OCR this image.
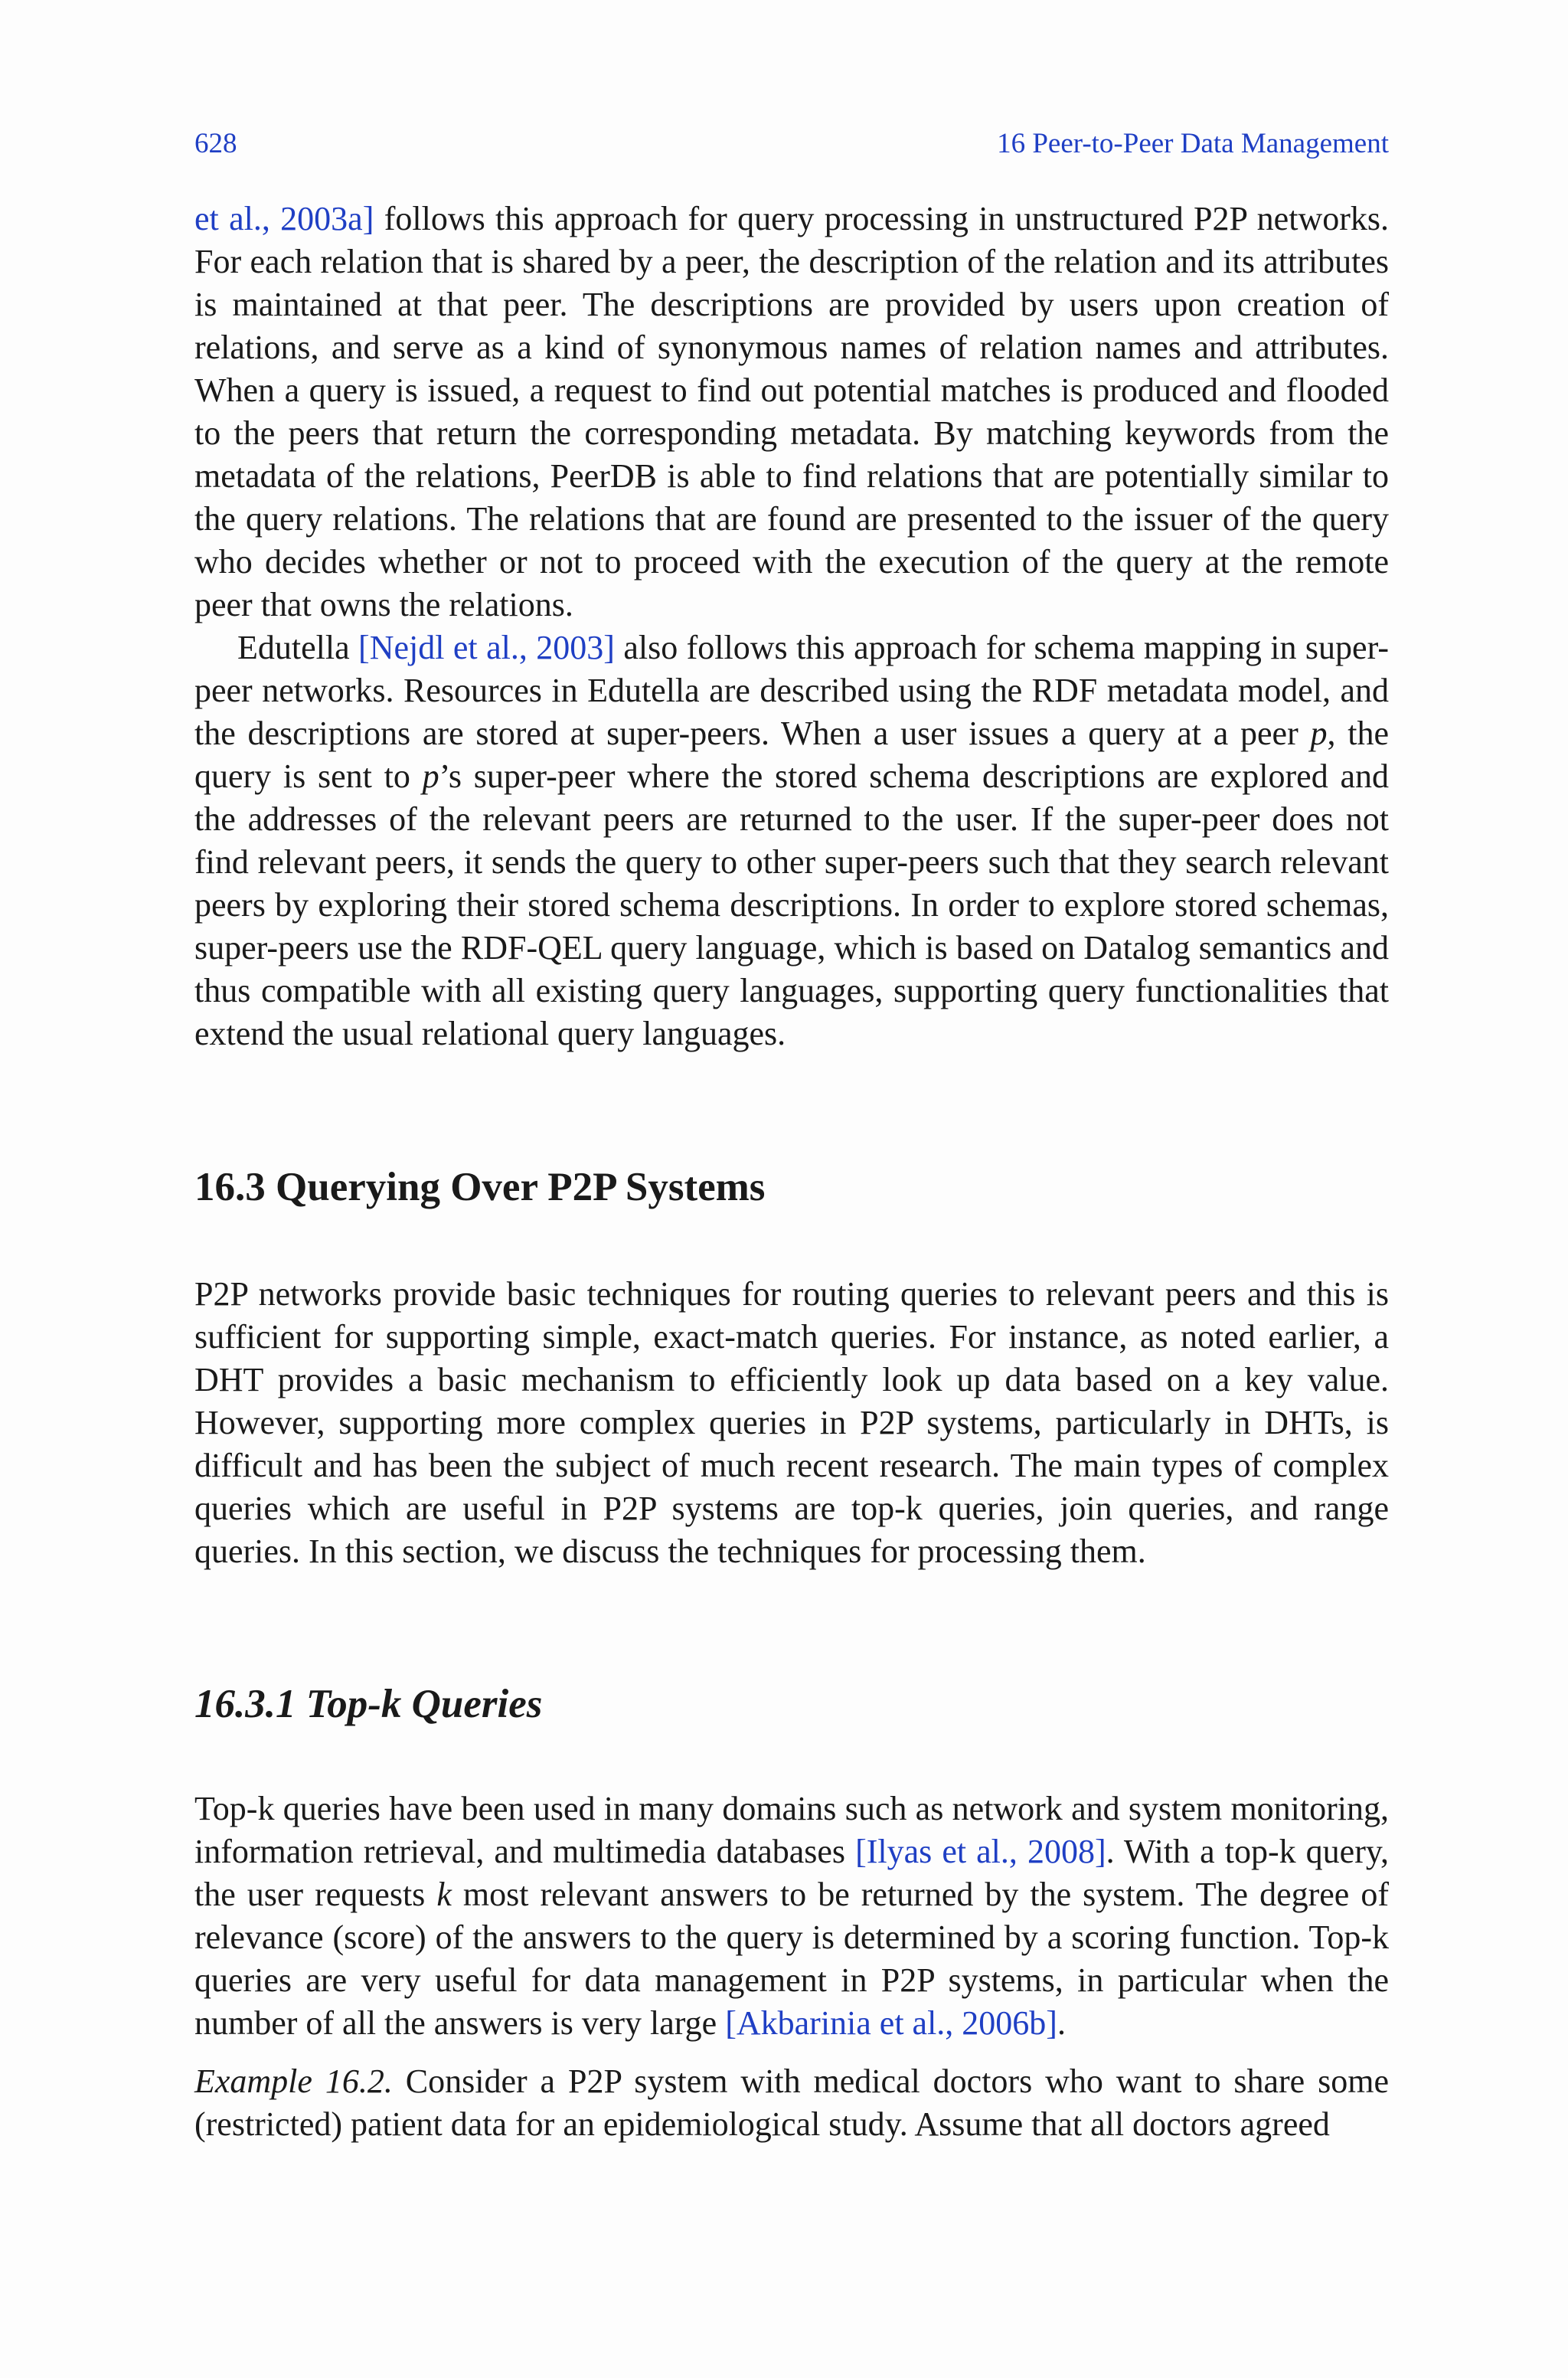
628	16 Peer-to-Peer Data Management

et al., 2003a] follows this approach for query processing in unstructured P2P networks. For each relation that is shared by a peer, the description of the relation and its attributes is maintained at that peer. The descriptions are provided by users upon creation of relations, and serve as a kind of synonymous names of relation names and attributes. When a query is issued, a request to find out potential matches is produced and flooded to the peers that return the corresponding metadata. By matching keywords from the metadata of the relations, PeerDB is able to find relations that are potentially similar to the query relations. The relations that are found are presented to the issuer of the query who decides whether or not to proceed with the execution of the query at the remote peer that owns the relations.

Edutella [Nejdl et al., 2003] also follows this approach for schema mapping in super-peer networks. Resources in Edutella are described using the RDF metadata model, and the descriptions are stored at super-peers. When a user issues a query at a peer p, the query is sent to p’s super-peer where the stored schema descriptions are explored and the addresses of the relevant peers are returned to the user. If the super-peer does not find relevant peers, it sends the query to other super-peers such that they search relevant peers by exploring their stored schema descriptions. In order to explore stored schemas, super-peers use the RDF-QEL query language, which is based on Datalog semantics and thus compatible with all existing query languages, supporting query functionalities that extend the usual relational query languages.

16.3 Querying Over P2P Systems

P2P networks provide basic techniques for routing queries to relevant peers and this is sufficient for supporting simple, exact-match queries. For instance, as noted earlier, a DHT provides a basic mechanism to efficiently look up data based on a key value. However, supporting more complex queries in P2P systems, particularly in DHTs, is difficult and has been the subject of much recent research. The main types of complex queries which are useful in P2P systems are top-k queries, join queries, and range queries. In this section, we discuss the techniques for processing them.

16.3.1 Top-k Queries

Top-k queries have been used in many domains such as network and system monitoring, information retrieval, and multimedia databases [Ilyas et al., 2008]. With a top-k query, the user requests k most relevant answers to be returned by the system. The degree of relevance (score) of the answers to the query is determined by a scoring function. Top-k queries are very useful for data management in P2P systems, in particular when the number of all the answers is very large [Akbarinia et al., 2006b].

Example 16.2. Consider a P2P system with medical doctors who want to share some (restricted) patient data for an epidemiological study. Assume that all doctors agreed
